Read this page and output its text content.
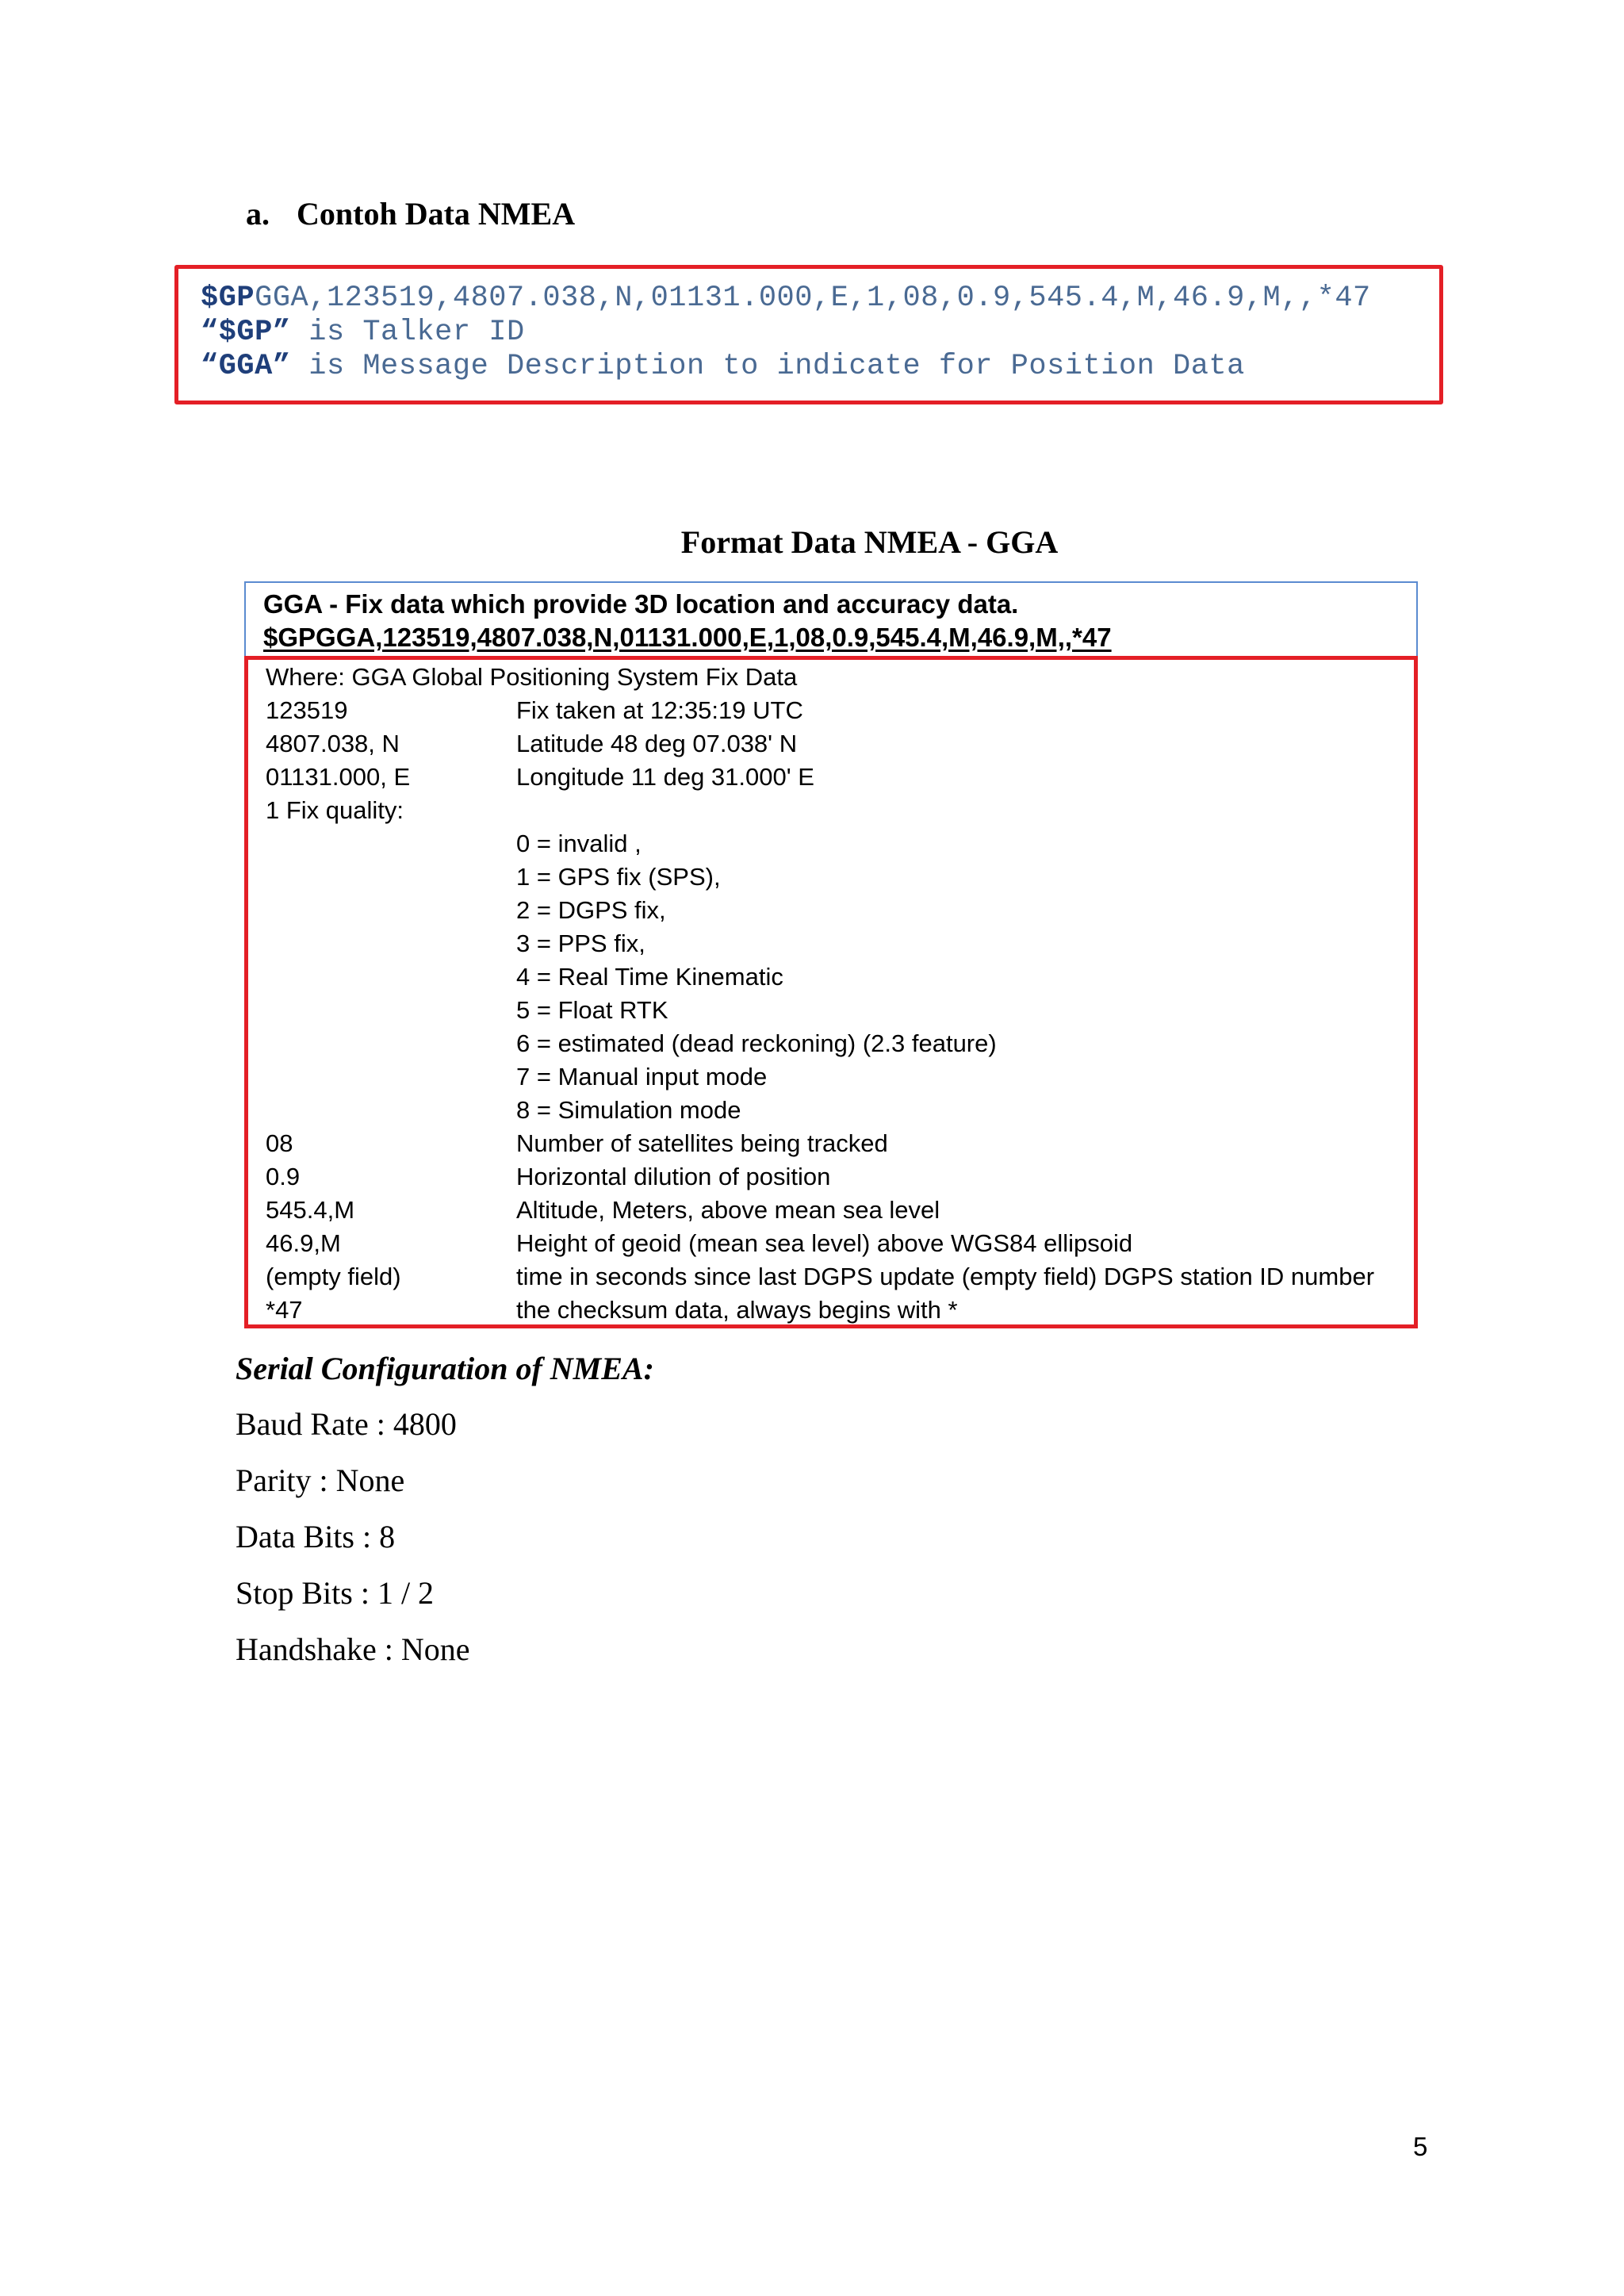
a. Contoh Data NMEA
$GPGGA,123519,4807.038,N,01131.000,E,1,08,0.9,545.4,M,46.9,M,,*47
“$GP” is Talker ID
“GGA” is Message Description to indicate for Position Data
Format Data NMEA - GGA
GGA - Fix data which provide 3D location and accuracy data.
$GPGGA,123519,4807.038,N,01131.000,E,1,08,0.9,545.4,M,46.9,M,,*47
Where: GGA Global Positioning System Fix Data
123519	Fix taken at 12:35:19 UTC
4807.038, N	Latitude 48 deg 07.038' N
01131.000, E	Longitude 11 deg 31.000' E
1 Fix quality:
0 = invalid ,
1 = GPS fix (SPS),
2 = DGPS fix,
3 = PPS fix,
4 = Real Time Kinematic
5 = Float RTK
6 = estimated (dead reckoning) (2.3 feature)
7 = Manual input mode
8 = Simulation mode
08	Number of satellites being tracked
0.9	Horizontal dilution of position
545.4,M	Altitude, Meters, above mean sea level
46.9,M	Height of geoid (mean sea level) above WGS84 ellipsoid
(empty field)	time in seconds since last DGPS update (empty field) DGPS station ID number
*47	the checksum data, always begins with *
Serial Configuration of NMEA:
Baud Rate : 4800
Parity : None
Data Bits : 8
Stop Bits : 1 / 2
Handshake : None
5
